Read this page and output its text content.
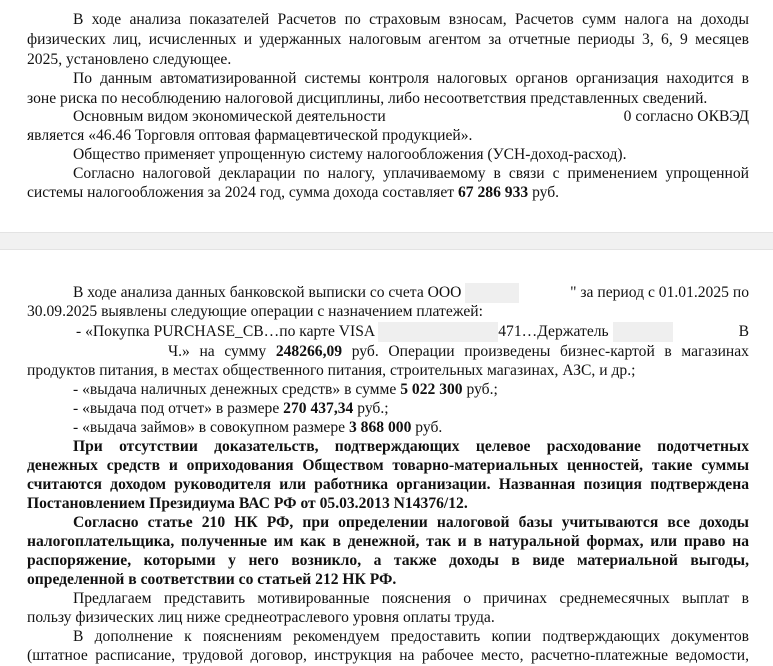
В ходе анализа показателей Расчетов по страховым взносам, Расчетов сумм налога на доходы
физических лиц, исчисленных и удержанных налоговым агентом за отчетные периоды 3, 6, 9 месяцев
2025, установлено следующее.
По данным автоматизированной системы контроля налоговых органов организация находится в
зоне риска по несоблюдению налоговой дисциплины, либо несоответствия представленных сведений.
Основным видом экономической деятельности	0 согласно ОКВЭД
является «46.46 Торговля оптовая фармацевтической продукцией».
Общество применяет упрощенную систему налогообложения (УСН-доход-расход).
Согласно налоговой декларации по налогу, уплачиваемому в связи с применением упрощенной
системы налогообложения за 2024 год, сумма дохода составляет 67 286 933 руб.
В ходе анализа данных банковской выписки со счета ООО	" за период с 01.01.2025 по
30.09.2025 выявлены следующие операции с назначением платежей:
- «Покупка PURCHASE_CB…по карте VISA	471…Держатель	В
Ч.» на сумму 248266,09 руб. Операции произведены бизнес-картой в магазинах
продуктов питания, в местах общественного питания, строительных магазинах, АЗС, и др.;
- «выдача наличных денежных средств» в сумме 5 022 300 руб.;
- «выдача под отчет» в размере 270 437,34 руб.;
- «выдача займов» в совокупном размере 3 868 000 руб.
При отсутствии доказательств, подтверждающих целевое расходование подотчетных
денежных средств и оприходования Обществом товарно-материальных ценностей, такие суммы
считаются доходом руководителя или работника организации. Названная позиция подтверждена
Постановлением Президиума ВАС РФ от 05.03.2013 N14376/12.
Согласно статье 210 НК РФ, при определении налоговой базы учитываются все доходы
налогоплательщика, полученные им как в денежной, так и в натуральной формах, или право на
распоряжение, которыми у него возникло, а также доходы в виде материальной выгоды,
определенной в соответствии со статьей 212 НК РФ.
Предлагаем представить мотивированные пояснения о причинах среднемесячных выплат в
пользу физических лиц ниже среднеотраслевого уровня оплаты труда.
В дополнение к пояснениям рекомендуем предоставить копии подтверждающих документов
(штатное расписание, трудовой договор, инструкция на рабочее место, расчетно-платежные ведомости,
